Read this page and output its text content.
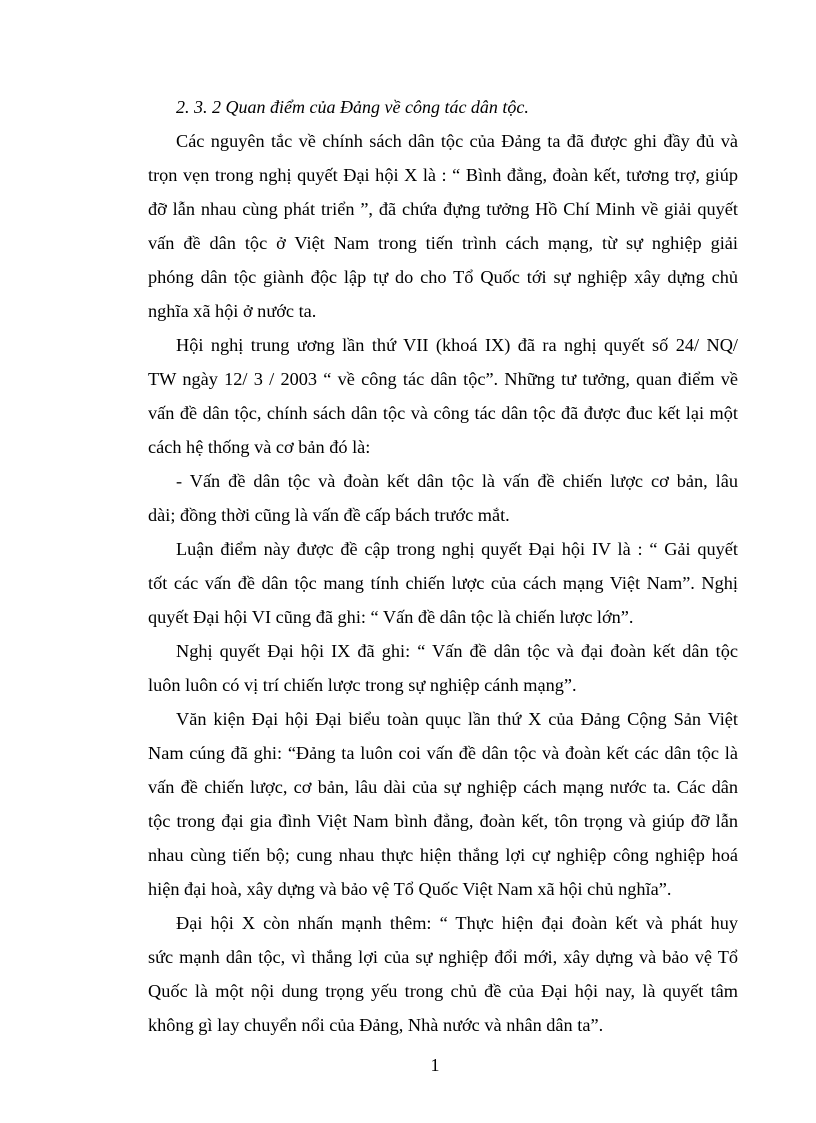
2. 3. 2 Quan điểm của Đảng về công tác dân tộc.
Các nguyên tắc về chính sách dân tộc của Đảng ta đã được ghi đầy đủ và
trọn vẹn trong nghị quyết Đại hội X là : “ Bình đẳng, đoàn kết, tương trợ, giúp
đỡ lẫn nhau cùng phát triển ”, đã chứa đựng tưởng Hồ Chí Minh về giải quyết
vấn đề dân tộc ở Việt Nam trong tiến trình cách mạng, từ sự nghiệp giải
phóng dân tộc giành độc lập tự do cho Tổ Quốc tới sự nghiệp xây dựng chủ
nghĩa xã hội ở nước ta.
Hội nghị trung ương lần thứ VII (khoá IX) đã ra nghị quyết số 24/ NQ/
TW ngày 12/ 3 / 2003 “ về công tác dân tộc”. Những tư tưởng, quan điểm về
vấn đề dân tộc, chính sách dân tộc và công tác dân tộc đã được đuc kết lại một
cách hệ thống và cơ bản đó là:
- Vấn đề dân tộc và đoàn kết dân tộc là vấn đề chiến lược cơ bản, lâu
dài; đồng thời cũng là vấn đề cấp bách trước mắt.
Luận điểm này được đề cập trong nghị quyết Đại hội IV là : “ Gải quyết
tốt các vấn đề dân tộc mang tính chiến lược của cách mạng Việt Nam”. Nghị
quyết Đại hội VI cũng đã ghi: “ Vấn đề dân tộc là chiến lược lớn”.
Nghị quyết Đại hội IX đã ghi: “ Vấn đề dân tộc và đại đoàn kết dân tộc
luôn luôn có vị trí chiến lược trong sự nghiệp cánh mạng”.
Văn kiện Đại hội Đại biểu toàn quục lần thứ X của Đảng Cộng Sản Việt
Nam cúng đã ghi: “Đảng ta luôn coi vấn đề dân tộc và đoàn kết các dân tộc là
vấn đề chiến lược, cơ bản, lâu dài của sự nghiệp cách mạng nước ta. Các dân
tộc trong đại gia đình Việt Nam bình đẳng, đoàn kết, tôn trọng và giúp đỡ lẫn
nhau cùng tiến bộ; cung nhau thực hiện thắng lợi cự nghiệp công nghiệp hoá
hiện đại hoà, xây dựng và bảo vệ Tổ Quốc Việt Nam xã hội chủ nghĩa”.
Đại hội X còn nhấn mạnh thêm: “ Thực hiện đại đoàn kết và phát huy
sức mạnh dân tộc, vì thắng lợi của sự nghiệp đổi mới, xây dựng và bảo vệ Tổ
Quốc là một nội dung trọng yếu trong chủ đề của Đại hội nay, là quyết tâm
không gì lay chuyển nổi của Đảng, Nhà nước và nhân dân ta”.
1
